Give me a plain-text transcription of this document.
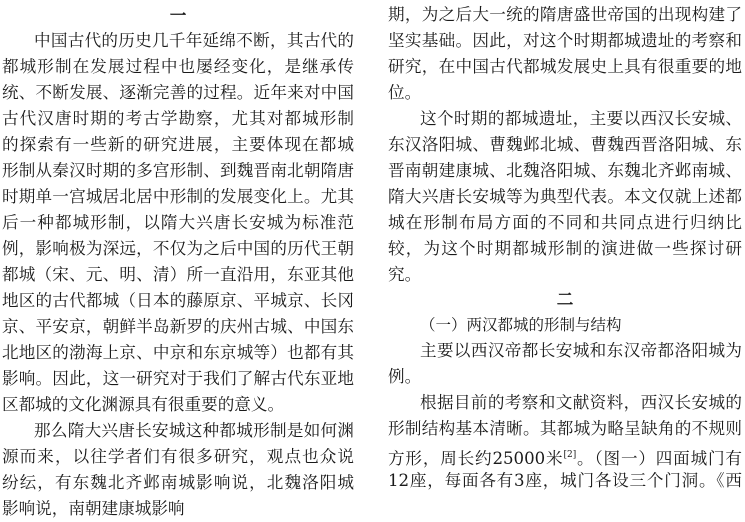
一
中国古代的历史几千年延绵不断，其古代的
都城形制在发展过程中也屡经变化，是继承传
统、不断发展、逐渐完善的过程。近年来对中国
古代汉唐时期的考古学勘察，尤其对都城形制
的探索有一些新的研究进展，主要体现在都城
形制从秦汉时期的多宫形制、到魏晋南北朝隋唐
时期单一宫城居北居中形制的发展变化上。尤其
后一种都城形制，以隋大兴唐长安城为标准范
例，影响极为深远，不仅为之后中国的历代王朝
都城（宋、元、明、清）所一直沿用，东亚其他
地区的古代都城（日本的藤原京、平城京、长冈
京、平安京，朝鲜半岛新罗的庆州古城、中国东
北地区的渤海上京、中京和东京城等）也都有其
影响。因此，这一研究对于我们了解古代东亚地
区都城的文化渊源具有很重要的意义。
那么隋大兴唐长安城这种都城形制是如何渊
源而来，以往学者们有很多研究，观点也众说
纷纭，有东魏北齐邺南城影响说，北魏洛阳城
影响说，南朝建康城影响
期，为之后大一统的隋唐盛世帝国的出现构建了
坚实基础。因此，对这个时期都城遗址的考察和
研究，在中国古代都城发展史上具有很重要的地
位。
这个时期的都城遗址，主要以西汉长安城、
东汉洛阳城、曹魏邺北城、曹魏西晋洛阳城、东
晋南朝建康城、北魏洛阳城、东魏北齐邺南城、
隋大兴唐长安城等为典型代表。本文仅就上述都
城在形制布局方面的不同和共同点进行归纳比
较，为这个时期都城形制的演进做一些探讨研
究。
二
（一）两汉都城的形制与结构
主要以西汉帝都长安城和东汉帝都洛阳城为
例。
根据目前的考察和文献资料，西汉长安城的
形制结构基本清晰。其都城为略呈缺角的不规则
方形，周长约25000米[2]。（图一）四面城门有
12座，每面各有3座，城门各设三个门洞。《西
